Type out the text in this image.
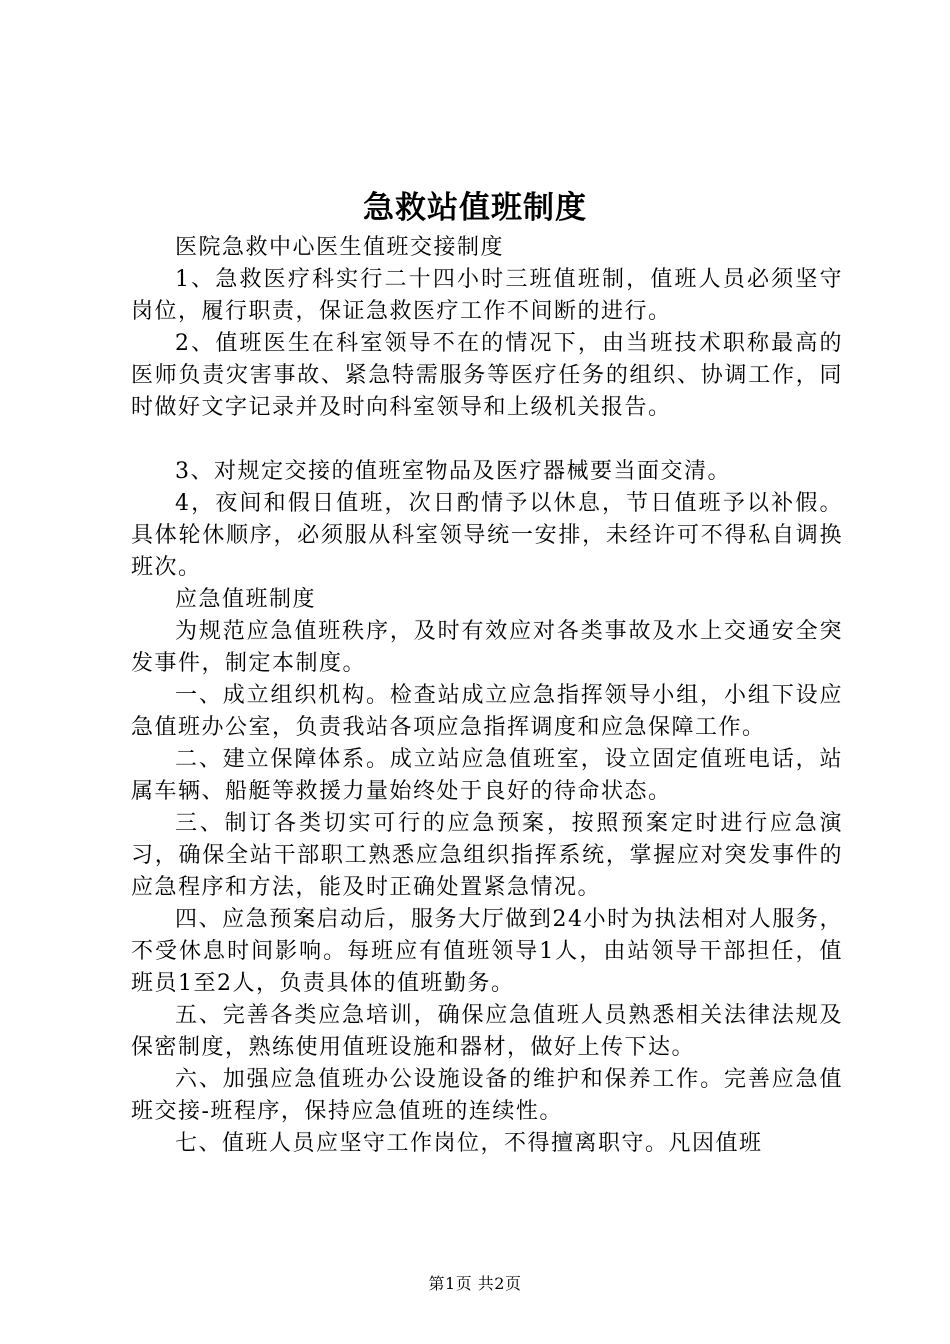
急救站值班制度

医院急救中心医生值班交接制度

1、急救医疗科实行二十四小时三班值班制，值班人员必须坚守岗位，履行职责，保证急救医疗工作不间断的进行。

2、值班医生在科室领导不在的情况下，由当班技术职称最高的医师负责灾害事故、紧急特需服务等医疗任务的组织、协调工作，同时做好文字记录并及时向科室领导和上级机关报告。

3、对规定交接的值班室物品及医疗器械要当面交清。

4，夜间和假日值班，次日酌情予以休息，节日值班予以补假。具体轮休顺序，必须服从科室领导统一安排，未经许可不得私自调换班次。

应急值班制度

为规范应急值班秩序，及时有效应对各类事故及水上交通安全突发事件，制定本制度。

一、成立组织机构。检查站成立应急指挥领导小组，小组下设应急值班办公室，负责我站各项应急指挥调度和应急保障工作。

二、建立保障体系。成立站应急值班室，设立固定值班电话，站属车辆、船艇等救援力量始终处于良好的待命状态。

三、制订各类切实可行的应急预案，按照预案定时进行应急演习，确保全站干部职工熟悉应急组织指挥系统，掌握应对突发事件的应急程序和方法，能及时正确处置紧急情况。

四、应急预案启动后，服务大厅做到24小时为执法相对人服务，不受休息时间影响。每班应有值班领导1人，由站领导干部担任，值班员1至2人，负责具体的值班勤务。

五、完善各类应急培训，确保应急值班人员熟悉相关法律法规及保密制度，熟练使用值班设施和器材，做好上传下达。

六、加强应急值班办公设施设备的维护和保养工作。完善应急值班交接-班程序，保持应急值班的连续性。

七、值班人员应坚守工作岗位，不得擅离职守。凡因值班

第1页 共2页
